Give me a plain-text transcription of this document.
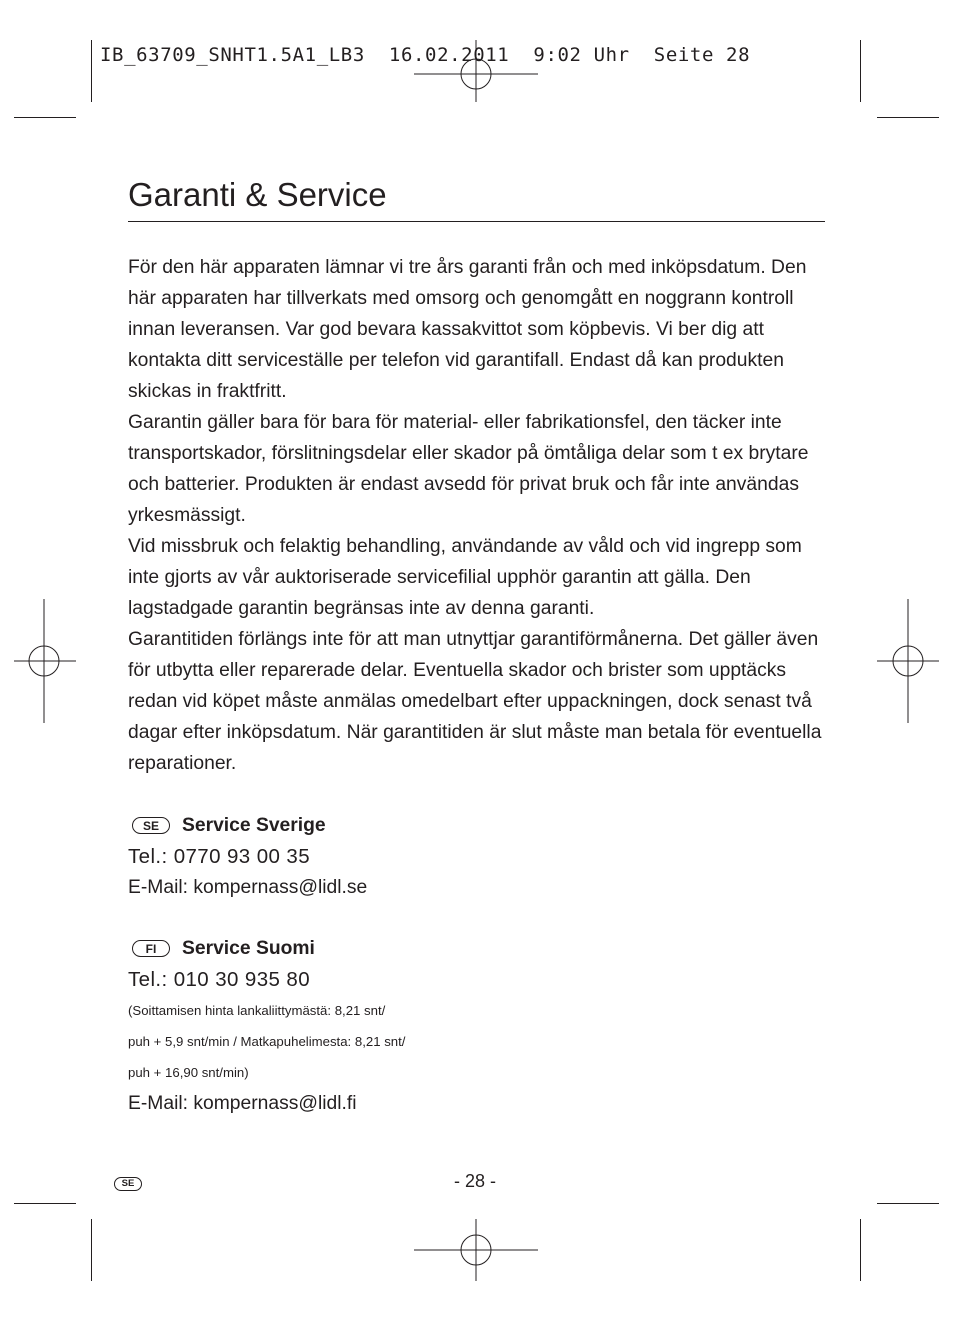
IB_63709_SNHT1.5A1_LB3  16.02.2011  9:02 Uhr  Seite 28
Garanti & Service

För den här apparaten lämnar vi tre års garanti från och med inköpsdatum. Den här apparaten har tillverkats med omsorg och genomgått en noggrann kontroll innan leveransen. Var god bevara kassakvittot som köpbevis. Vi ber dig att kontakta ditt serviceställe per telefon vid garantifall. Endast då kan produkten skickas in fraktfritt.

Garantin gäller bara för bara för material- eller fabrikationsfel, den täcker inte transportskador, förslitningsdelar eller skador på ömtåliga delar som t ex brytare och batterier. Produkten är endast avsedd för privat bruk och får inte användas yrkesmässigt.

Vid missbruk och felaktig behandling, användande av våld och vid ingrepp som inte gjorts av vår auktoriserade servicefilial upphör garantin att gälla. Den lagstadgade garantin begränsas inte av denna garanti.

Garantitiden förlängs inte för att man utnyttjar garantiförmånerna. Det gäller även för utbytta eller reparerade delar. Eventuella skador och brister som upptäcks redan vid köpet måste anmälas omedelbart efter uppackningen, dock senast två dagar efter inköpsdatum. När garantitiden är slut måste man betala för eventuella reparationer.

SE	Service Sverige
Tel.: 0770 93 00 35
E-Mail: kompernass@lidl.se
FI	Service Suomi
Tel.: 010 30 935 80
(Soittamisen hinta lankaliittymästä: 8,21 snt/
puh + 5,9 snt/min / Matkapuhelimesta: 8,21 snt/
puh + 16,90 snt/min)
E-Mail: kompernass@lidl.fi
SE	- 28 -
